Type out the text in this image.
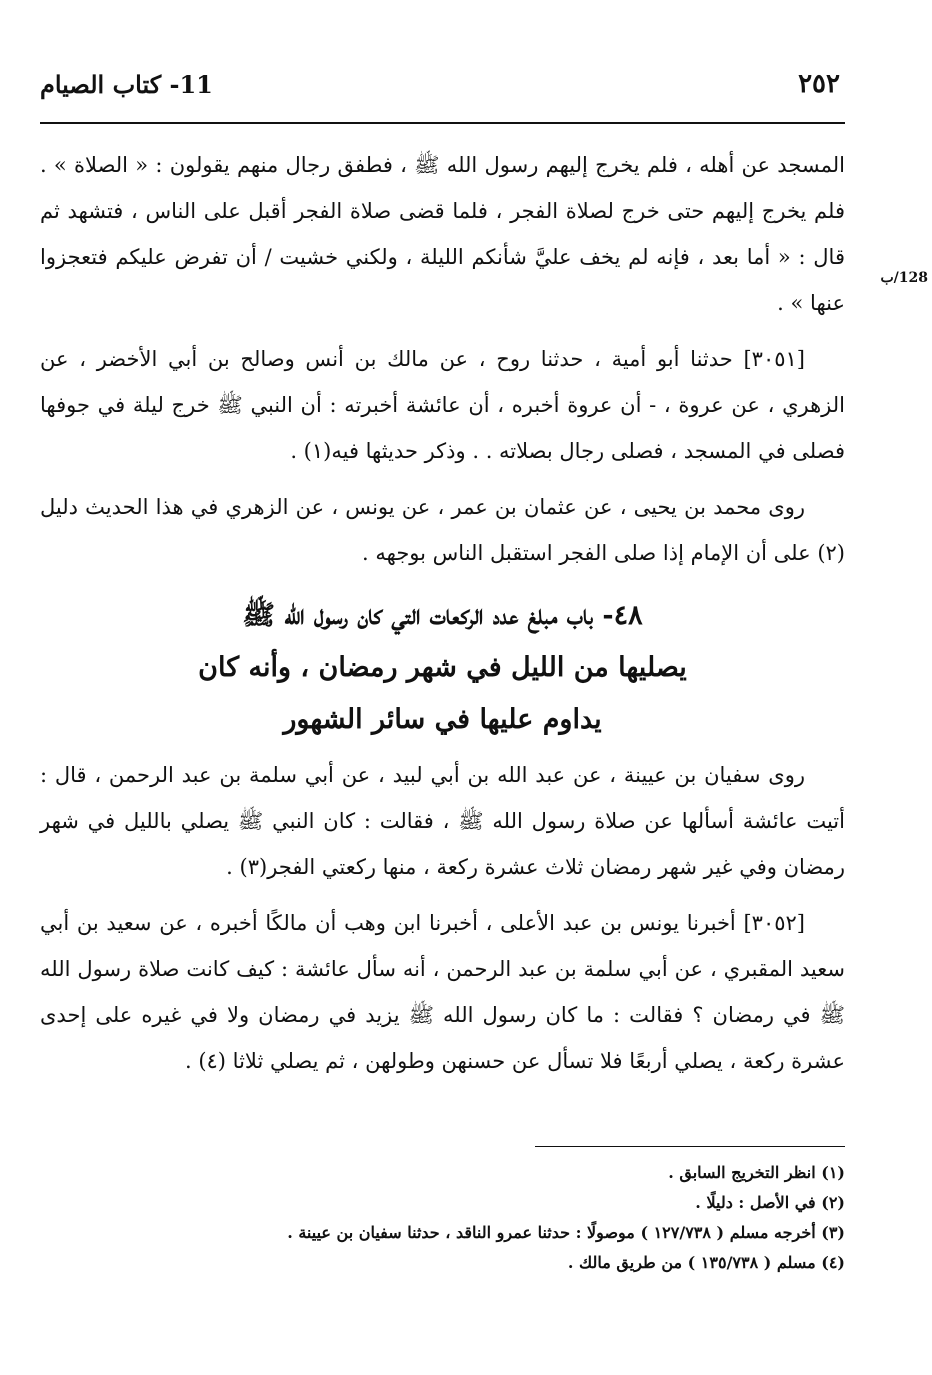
٢٥٢
11- كتاب الصيام
128/ب

المسجد عن أهله ، فلم يخرج إليهم رسول الله ﷺ ، فطفق رجال منهم يقولون : « الصلاة » . فلم يخرج إليهم حتى خرج لصلاة الفجر ، فلما قضى صلاة الفجر أقبل على الناس ، فتشهد ثم قال : « أما بعد ، فإنه لم يخف عليَّ شأنكم الليلة ، ولكني خشيت / أن تفرض عليكم فتعجزوا عنها » .

[٣٠٥١] حدثنا أبو أمية ، حدثنا روح ، عن مالك بن أنس وصالح بن أبي الأخضر ، عن الزهري ، عن عروة ، - أن عروة أخبره ، أن عائشة أخبرته : أن النبي ﷺ خرج ليلة في جوفها فصلى في المسجد ، فصلى رجال بصلاته . . وذكر حديثها فيه(١) .

روى محمد بن يحيى ، عن عثمان بن عمر ، عن يونس ، عن الزهري في هذا الحديث دليل (٢) على أن الإمام إذا صلى الفجر استقبل الناس بوجهه .

٤٨- باب مبلغ عدد الركعات التي كان رسول الله ﷺ
يصليها من الليل في شهر رمضان ، وأنه كان
يداوم عليها في سائر الشهور

روى سفيان بن عيينة ، عن عبد الله بن أبي لبيد ، عن أبي سلمة بن عبد الرحمن ، قال : أتيت عائشة أسألها عن صلاة رسول الله ﷺ ، فقالت : كان النبي ﷺ يصلي بالليل في شهر رمضان وفي غير شهر رمضان ثلاث عشرة ركعة ، منها ركعتي الفجر(٣) .

[٣٠٥٢] أخبرنا يونس بن عبد الأعلى ، أخبرنا ابن وهب أن مالكًا أخبره ، عن سعيد بن أبي سعيد المقبري ، عن أبي سلمة بن عبد الرحمن ، أنه سأل عائشة : كيف كانت صلاة رسول الله ﷺ في رمضان ؟ فقالت : ما كان رسول الله ﷺ يزيد في رمضان ولا في غيره على إحدى عشرة ركعة ، يصلي أربعًا فلا تسأل عن حسنهن وطولهن ، ثم يصلي ثلاثا (٤) .

(١) انظر التخريج السابق .
(٢) في الأصل : دليلًا .
(٣) أخرجه مسلم ( ١٢٧/٧٣٨ ) موصولًا : حدثنا عمرو الناقد ، حدثنا سفيان بن عيينة .
(٤) مسلم ( ١٣٥/٧٣٨ ) من طريق مالك .
